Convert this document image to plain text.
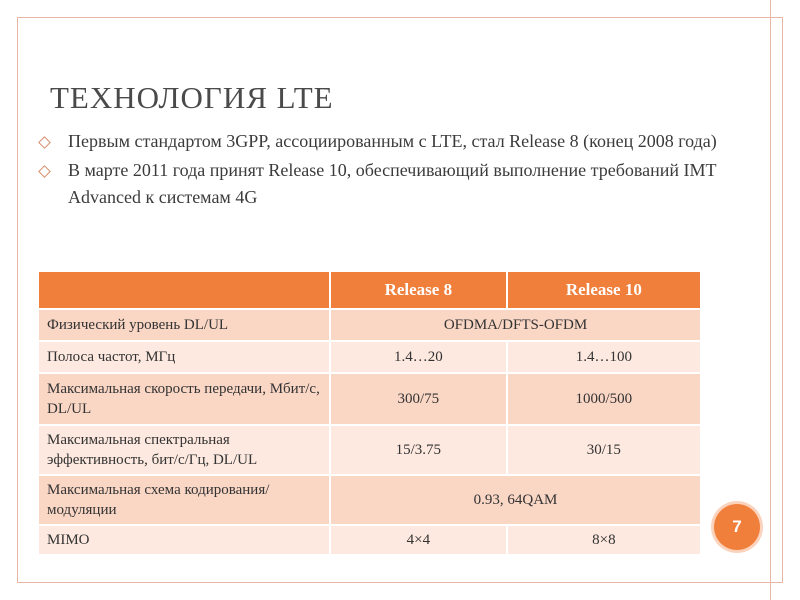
ТЕХНОЛОГИЯ LTE

Первым стандартом 3GPP, ассоциированным с LTE, стал Release 8 (конец 2008 года)

В марте 2011 года принят Release 10, обеспечивающий выполнение требований IMT Advanced к системам 4G

	Release 8	Release 10
Физический уровень DL/UL	OFDMA/DFTS-OFDM	
Полоса частот, МГц	1.4…20	1.4…100
Максимальная скорость передачи, Мбит/с, DL/UL	300/75	1000/500
Максимальная спектральная эффективность, бит/с/Гц, DL/UL	15/3.75	30/15
Максимальная схема кодирования/модуляции	0.93, 64QAM	
MIMO	4×4	8×8
7
